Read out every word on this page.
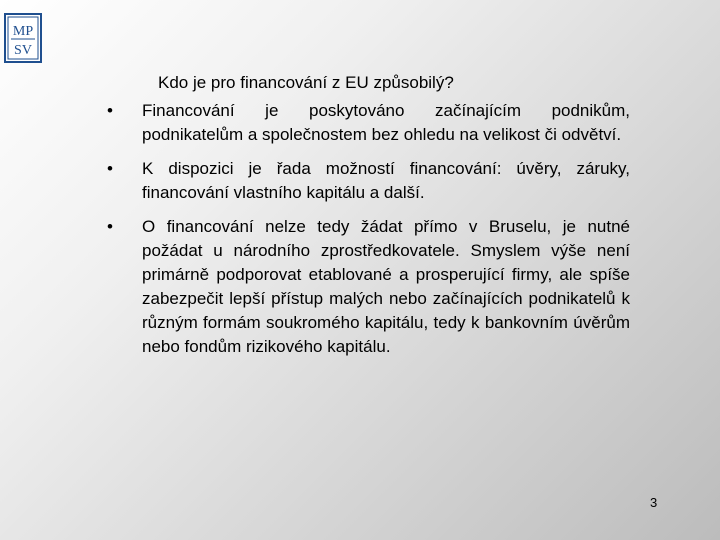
MP
SV
Kdo je pro financování z EU způsobilý?
•	Financování je poskytováno začínajícím podnikům, podnikatelům a společnostem bez ohledu na velikost či odvětví.
•	K dispozici je řada možností financování: úvěry, záruky, financování vlastního kapitálu a další.
•	O financování nelze tedy žádat přímo v Bruselu, je nutné požádat u národního zprostředkovatele. Smyslem výše není primárně podporovat etablované a prosperující firmy, ale spíše zabezpečit lepší přístup malých nebo začínajících podnikatelů k různým formám soukromého kapitálu, tedy k bankovním úvěrům nebo fondům rizikového kapitálu.
3
